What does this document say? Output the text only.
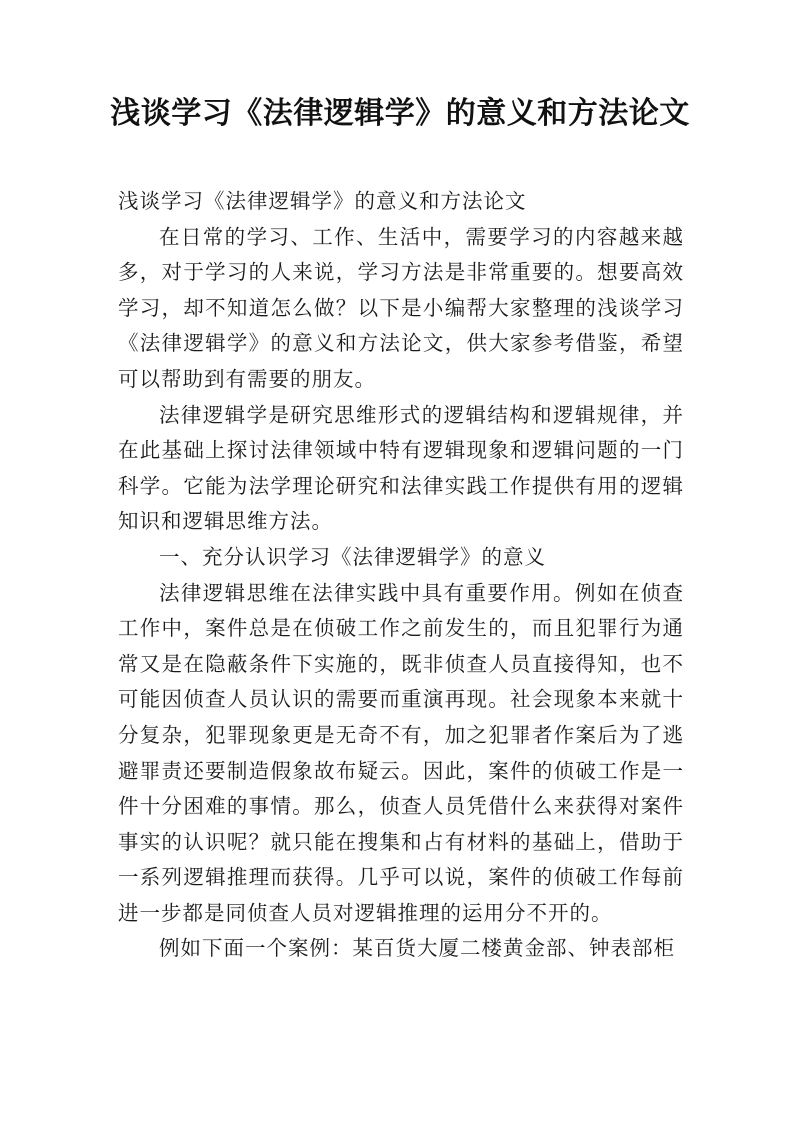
浅谈学习《法律逻辑学》的意义和方法论文

浅谈学习《法律逻辑学》的意义和方法论文

在日常的学习、工作、生活中，需要学习的内容越来越多，对于学习的人来说，学习方法是非常重要的。想要高效学习，却不知道怎么做？以下是小编帮大家整理的浅谈学习《法律逻辑学》的意义和方法论文，供大家参考借鉴，希望可以帮助到有需要的朋友。

法律逻辑学是研究思维形式的逻辑结构和逻辑规律，并在此基础上探讨法律领域中特有逻辑现象和逻辑问题的一门科学。它能为法学理论研究和法律实践工作提供有用的逻辑知识和逻辑思维方法。

一、充分认识学习《法律逻辑学》的意义

法律逻辑思维在法律实践中具有重要作用。例如在侦查工作中，案件总是在侦破工作之前发生的，而且犯罪行为通常又是在隐蔽条件下实施的，既非侦查人员直接得知，也不可能因侦查人员认识的需要而重演再现。社会现象本来就十分复杂，犯罪现象更是无奇不有，加之犯罪者作案后为了逃避罪责还要制造假象故布疑云。因此，案件的侦破工作是一件十分困难的事情。那么，侦查人员凭借什么来获得对案件事实的认识呢？就只能在搜集和占有材料的基础上，借助于一系列逻辑推理而获得。几乎可以说，案件的侦破工作每前进一步都是同侦查人员对逻辑推理的运用分不开的。

例如下面一个案例：某百货大厦二楼黄金部、钟表部柜
